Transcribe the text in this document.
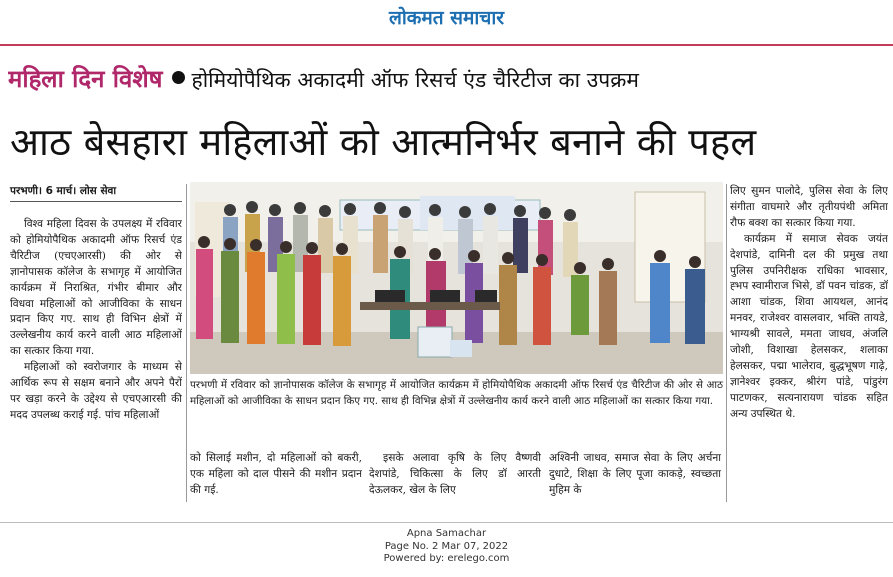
लोकमत समाचार
महिला दिन विशेष होमियोपैथिक अकादमी ऑफ रिसर्च एंड चैरिटीज का उपक्रम
आठ बेसहारा महिलाओं को आत्मनिर्भर बनाने की पहल
परभणी। 6 मार्च। लोस सेवा

विश्व महिला दिवस के उपलक्ष्य में रविवार को होमियोपैथिक अकादमी ऑफ रिसर्च एंड चैरिटीज (एचएआरसी) की ओर से ज्ञानोपासक कॉलेज के सभागृह में आयोजित कार्यक्रम में निराश्रित, गंभीर बीमार और विधवा महिलाओं को आजीविका के साधन प्रदान किए गए. साथ ही विभिन क्षेत्रों में उल्लेखनीय कार्य करने वाली आठ महिलाओं का सत्कार किया गया.

महिलाओं को स्वरोजगार के माध्यम से आर्थिक रूप से सक्षम बनाने और अपने पैरों पर खड़ा करने के उद्देश्य से एचएआरसी की मदद उपलब्ध कराई गई. पांच महिलाओं

परभणी में रविवार को ज्ञानोपासक कॉलेज के सभागृह में आयोजित कार्यक्रम में होमियोपैथिक अकादमी ऑफ रिसर्च एंड चैरिटीज की ओर से आठ महिलाओं को आजीविका के साधन प्रदान किए गए. साथ ही विभिन्न क्षेत्रों में उल्लेखनीय कार्य करने वाली आठ महिलाओं का सत्कार किया गया.

को सिलाई मशीन, दो महिलाओं को बकरी, एक महिला को दाल पीसने की मशीन प्रदान की गई.

इसके अलावा कृषि के लिए वैष्णवी देशपांडे, चिकित्सा के लिए डॉ आरती देऊलकर, खेल के लिए

अश्विनी जाधव, समाज सेवा के लिए अर्चना दुधाटे, शिक्षा के लिए पूजा काकड़े, स्वच्छता मुहिम के

लिए सुमन पालोदे, पुलिस सेवा के लिए संगीता वाघमारे और तृतीयपंथी अमिता रौफ बक्श का सत्कार किया गया.

कार्यक्रम में समाज सेवक जयंत देशपांडे, दामिनी दल की प्रमुख तथा पुलिस उपनिरीक्षक राधिका भावसार, ह्भप स्वामीराज भिसे, डॉ पवन चांडक, डॉ आशा चांडक, शिवा आयथल, आनंद मनवर, राजेश्वर वासलवार, भक्ति तायडे, भाग्यश्री सावले, ममता जाधव, अंजलि जोशी, विशाखा हेलसकर, शलाका हेलसकर, पद्मा भालेराव, बुद्धभूषण गाढ़े, ज्ञानेश्वर इक्कर, श्रीरंग पांडे, पांडुरंग पाटणकर, सत्यनारायण चांडक सहित अन्य उपस्थित थे.

Apna Samachar
Page No. 2 Mar 07, 2022
Powered by: erelego.com
